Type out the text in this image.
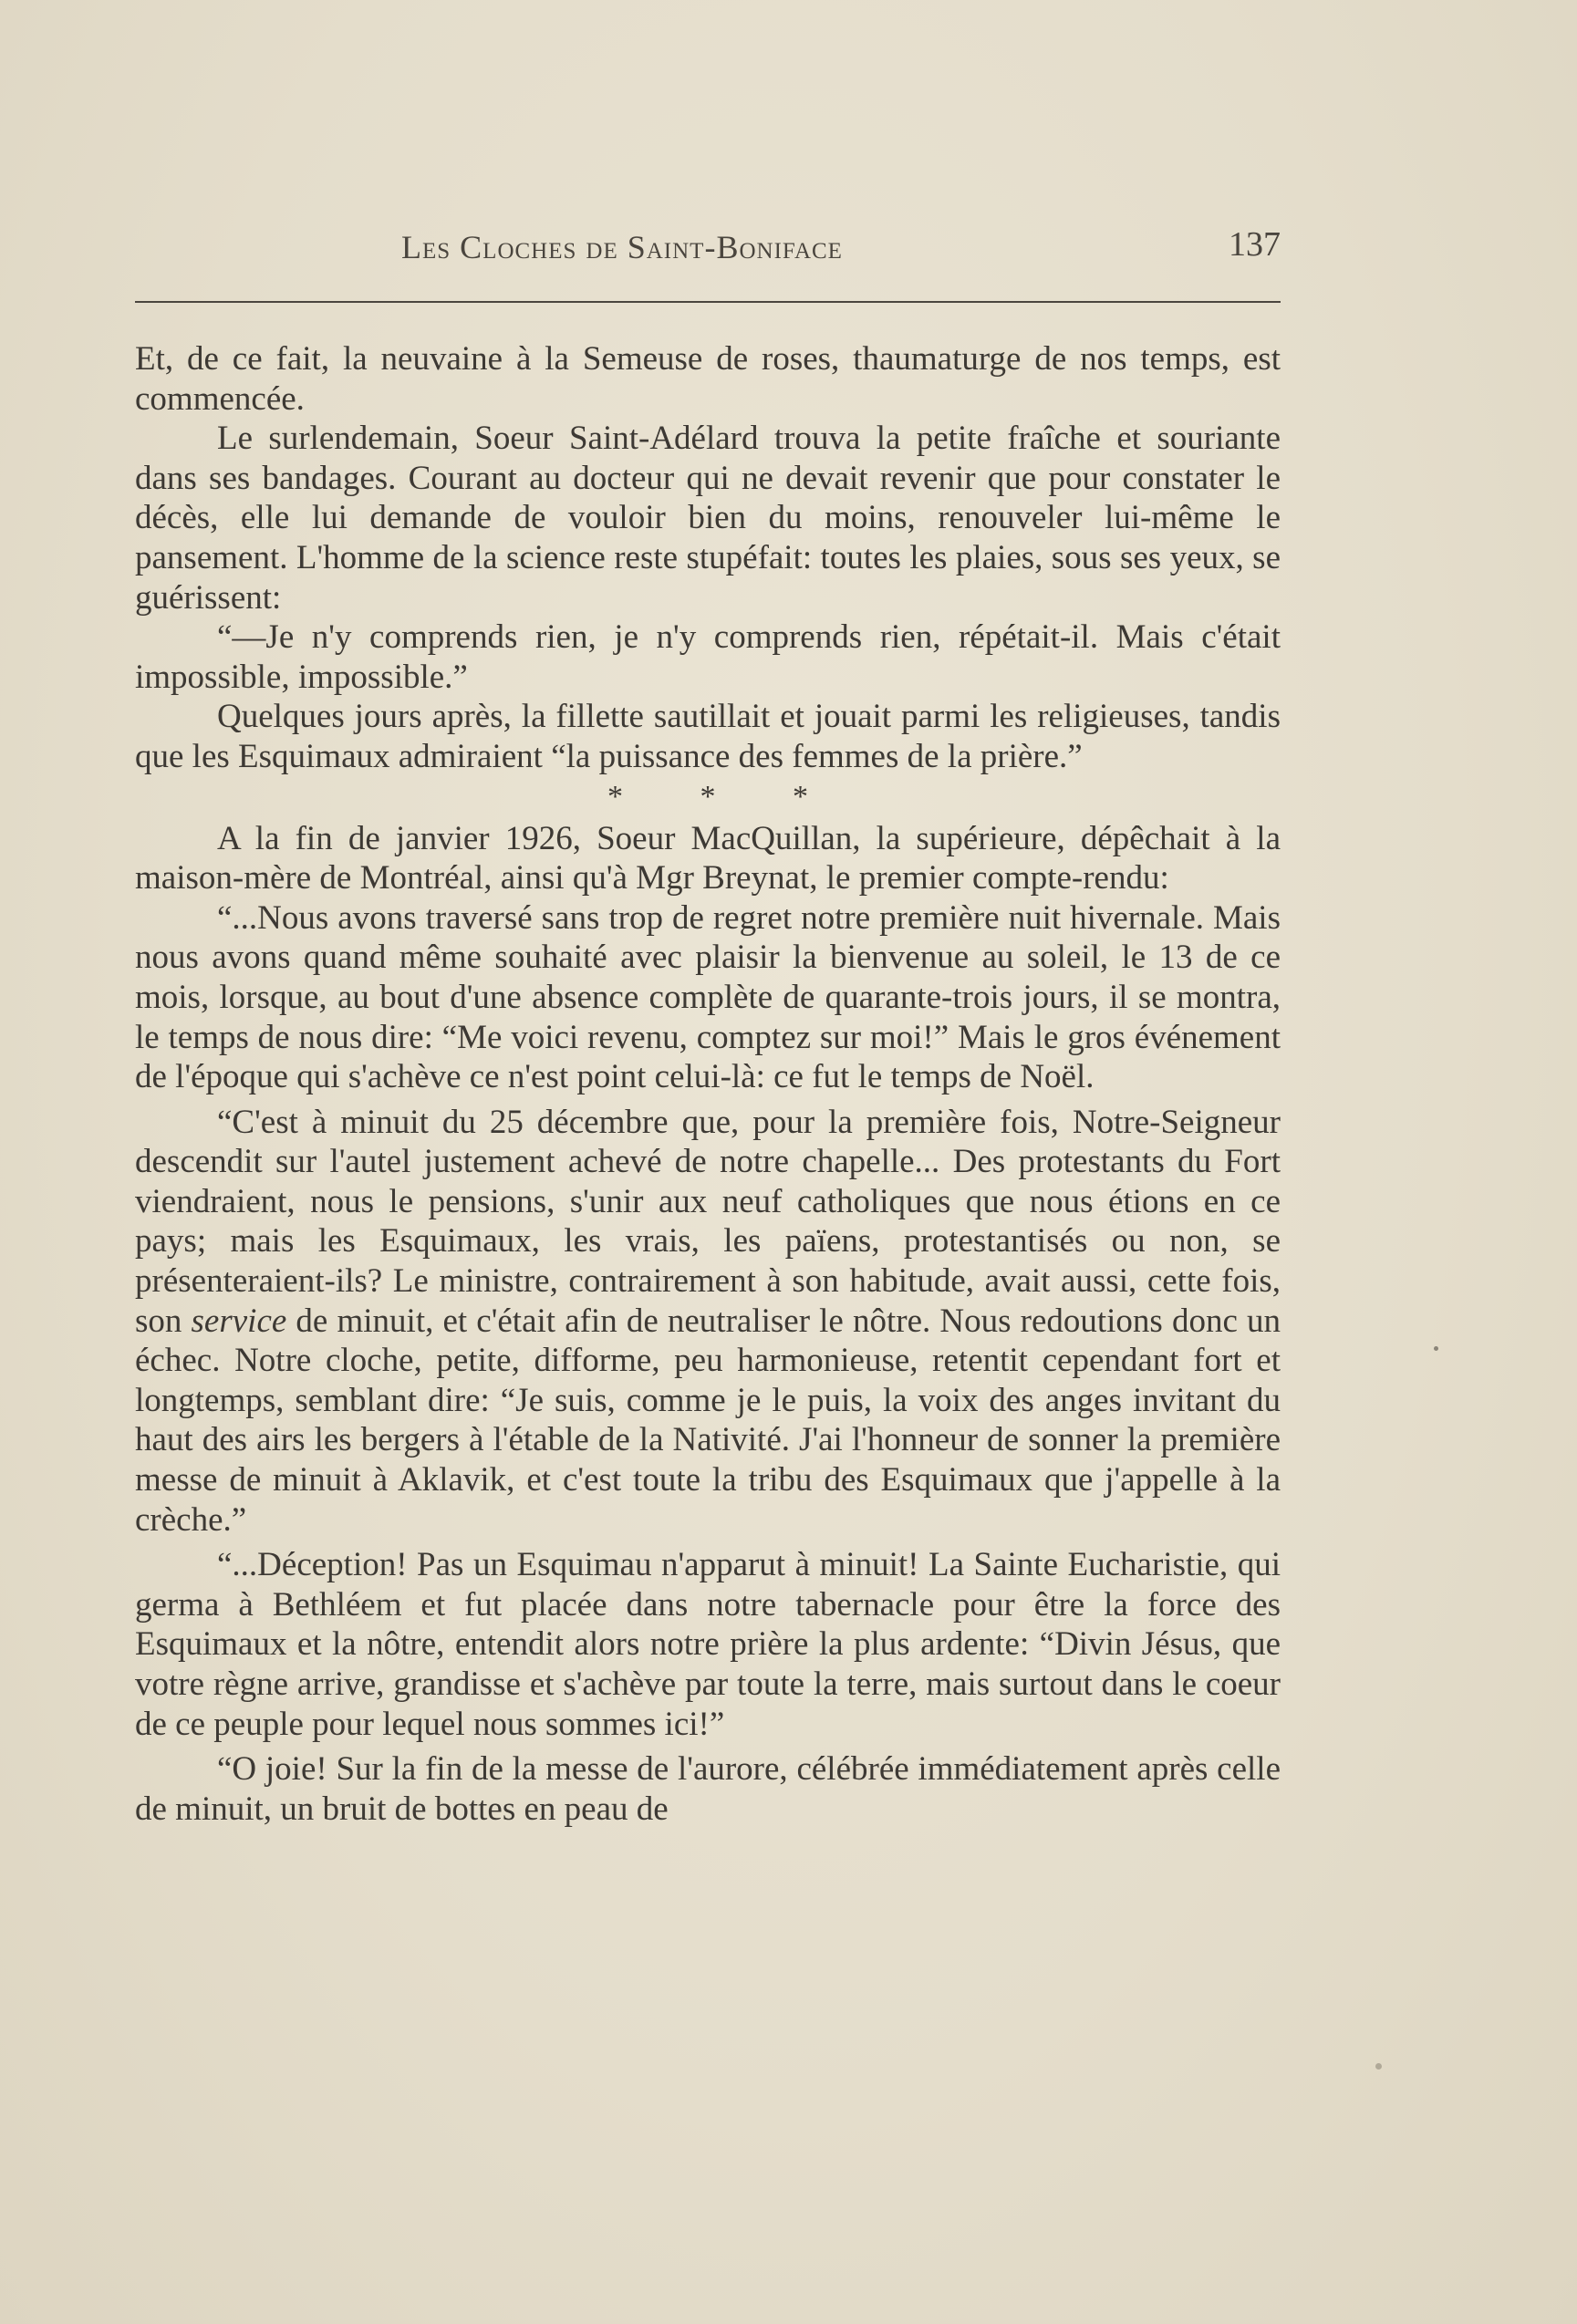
Les Cloches de Saint-Boniface	137

Et, de ce fait, la neuvaine à la Semeuse de roses, thaumaturge de nos temps, est commencée.

Le surlendemain, Soeur Saint-Adélard trouva la petite fraîche et souriante dans ses bandages. Courant au docteur qui ne devait revenir que pour constater le décès, elle lui demande de vouloir bien du moins, renouveler lui-même le pansement. L'homme de la science reste stupéfait: toutes les plaies, sous ses yeux, se guérissent:

“—Je n'y comprends rien, je n'y comprends rien, répétait-il. Mais c'était impossible, impossible.”

Quelques jours après, la fillette sautillait et jouait parmi les religieuses, tandis que les Esquimaux admiraient “la puissance des femmes de la prière.”

* * *

A la fin de janvier 1926, Soeur MacQuillan, la supérieure, dépêchait à la maison-mère de Montréal, ainsi qu'à Mgr Breynat, le premier compte-rendu:

“...Nous avons traversé sans trop de regret notre première nuit hivernale. Mais nous avons quand même souhaité avec plaisir la bienvenue au soleil, le 13 de ce mois, lorsque, au bout d'une absence complète de quarante-trois jours, il se montra, le temps de nous dire: “Me voici revenu, comptez sur moi!” Mais le gros événement de l'époque qui s'achève ce n'est point celui-là: ce fut le temps de Noël.

“C'est à minuit du 25 décembre que, pour la première fois, Notre-Seigneur descendit sur l'autel justement achevé de notre chapelle... Des protestants du Fort viendraient, nous le pensions, s'unir aux neuf catholiques que nous étions en ce pays; mais les Esquimaux, les vrais, les païens, protestantisés ou non, se présenteraient-ils? Le ministre, contrairement à son habitude, avait aussi, cette fois, son service de minuit, et c'était afin de neutraliser le nôtre. Nous redoutions donc un échec. Notre cloche, petite, difforme, peu harmonieuse, retentit cependant fort et longtemps, semblant dire: “Je suis, comme je le puis, la voix des anges invitant du haut des airs les bergers à l'étable de la Nativité. J'ai l'honneur de sonner la première messe de minuit à Aklavik, et c'est toute la tribu des Esquimaux que j'appelle à la crèche.”

“...Déception! Pas un Esquimau n'apparut à minuit! La Sainte Eucharistie, qui germa à Bethléem et fut placée dans notre tabernacle pour être la force des Esquimaux et la nôtre, entendit alors notre prière la plus ardente: “Divin Jésus, que votre règne arrive, grandisse et s'achève par toute la terre, mais surtout dans le coeur de ce peuple pour lequel nous sommes ici!”

“O joie! Sur la fin de la messe de l'aurore, célébrée immédiatement après celle de minuit, un bruit de bottes en peau de
